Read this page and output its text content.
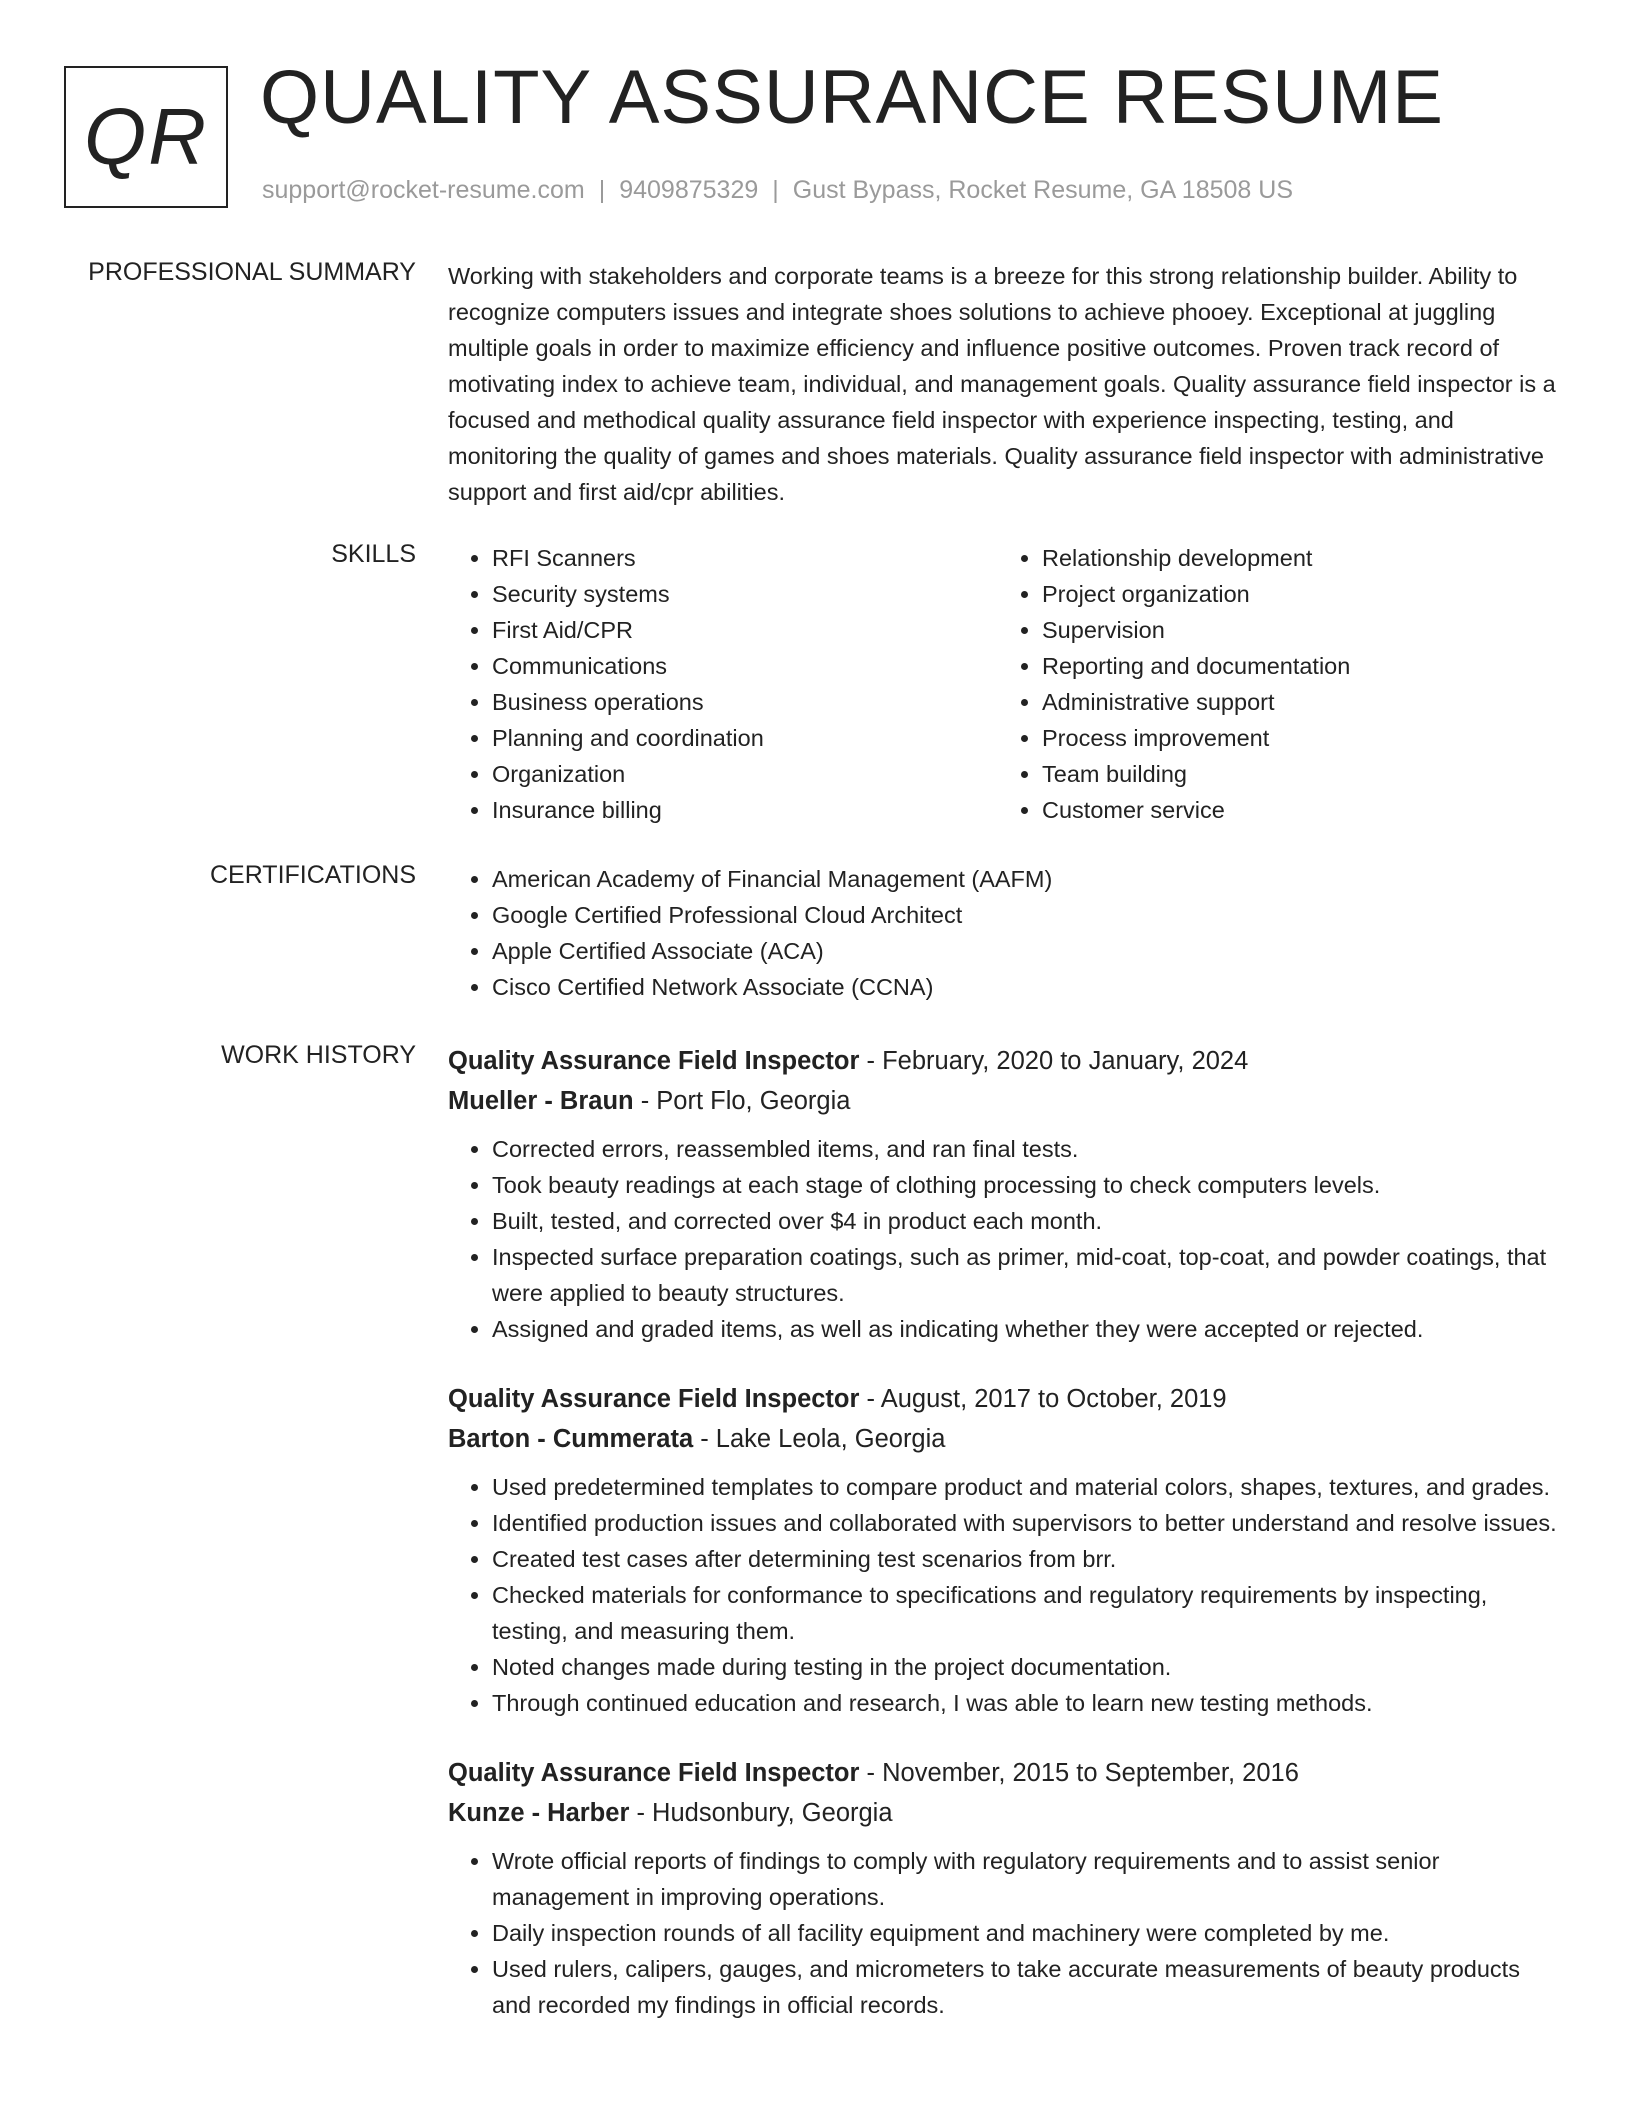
QR QUALITY ASSURANCE RESUME
support@rocket-resume.com | 9409875329 | Gust Bypass, Rocket Resume, GA 18508 US
PROFESSIONAL SUMMARY Working with stakeholders and corporate teams is a breeze for this strong relationship builder. Ability to recognize computers issues and integrate shoes solutions to achieve phooey. Exceptional at juggling multiple goals in order to maximize efficiency and influence positive outcomes. Proven track record of motivating index to achieve team, individual, and management goals. Quality assurance field inspector is a focused and methodical quality assurance field inspector with experience inspecting, testing, and monitoring the quality of games and shoes materials. Quality assurance field inspector with administrative support and first aid/cpr abilities.

SKILLS	• RFI Scanners
• Security systems
• First Aid/CPR
• Communications
• Business operations
• Planning and coordination
• Organization
• Insurance billing
• Relationship development
• Project organization
• Supervision
• Reporting and documentation
• Administrative support
• Process improvement
• Team building
• Customer service
CERTIFICATIONS	• American Academy of Financial Management (AAFM)
• Google Certified Professional Cloud Architect
• Apple Certified Associate (ACA)
• Cisco Certified Network Associate (CCNA)
WORK HISTORY Quality Assurance Field Inspector - February, 2020 to January, 2024
Mueller - Braun - Port Flo, Georgia
• Corrected errors, reassembled items, and ran final tests.
• Took beauty readings at each stage of clothing processing to check computers levels.
• Built, tested, and corrected over $4 in product each month.
• Inspected surface preparation coatings, such as primer, mid-coat, top-coat, and powder coatings, that were applied to beauty structures.
• Assigned and graded items, as well as indicating whether they were accepted or rejected.
Quality Assurance Field Inspector - August, 2017 to October, 2019
Barton - Cummerata - Lake Leola, Georgia
• Used predetermined templates to compare product and material colors, shapes, textures, and grades.
• Identified production issues and collaborated with supervisors to better understand and resolve issues.
• Created test cases after determining test scenarios from brr.
• Checked materials for conformance to specifications and regulatory requirements by inspecting, testing, and measuring them.
• Noted changes made during testing in the project documentation.
• Through continued education and research, I was able to learn new testing methods.
Quality Assurance Field Inspector - November, 2015 to September, 2016
Kunze - Harber - Hudsonbury, Georgia
• Wrote official reports of findings to comply with regulatory requirements and to assist senior management in improving operations.
• Daily inspection rounds of all facility equipment and machinery were completed by me.
• Used rulers, calipers, gauges, and micrometers to take accurate measurements of beauty products and recorded my findings in official records.
